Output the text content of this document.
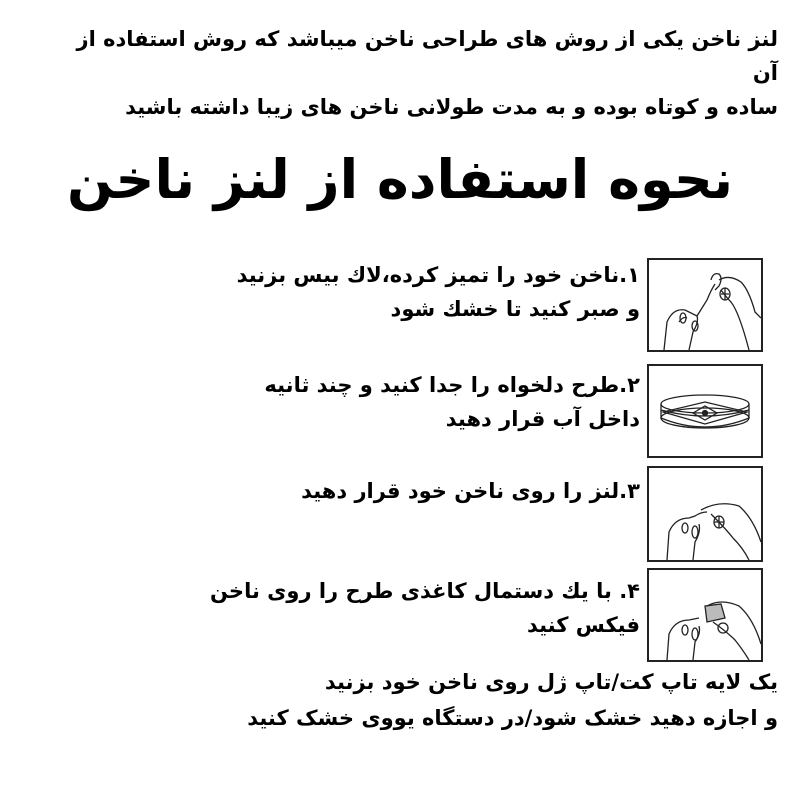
لنز ناخن یکی از روش های طراحی ناخن میباشد که روش استفاده از آن
ساده و کوتاه بوده و به مدت طولانی ناخن های زیبا داشته باشید
نحوه استفاده از لنز ناخن
۱.ناخن خود را تمیز کرده،لاك بیس بزنید
و صبر کنید تا خشك شود
۲.طرح دلخواه را جدا کنید و چند ثانیه
داخل آب قرار دهید
۳.لنز را روی ناخن خود قرار دهید
۴. با یك دستمال کاغذی طرح را روی ناخن
فیکس کنید
یک لایه تاپ کت/تاپ ژل روی ناخن خود بزنید
و اجازه دهید خشک شود/در دستگاه یووی خشک کنید
